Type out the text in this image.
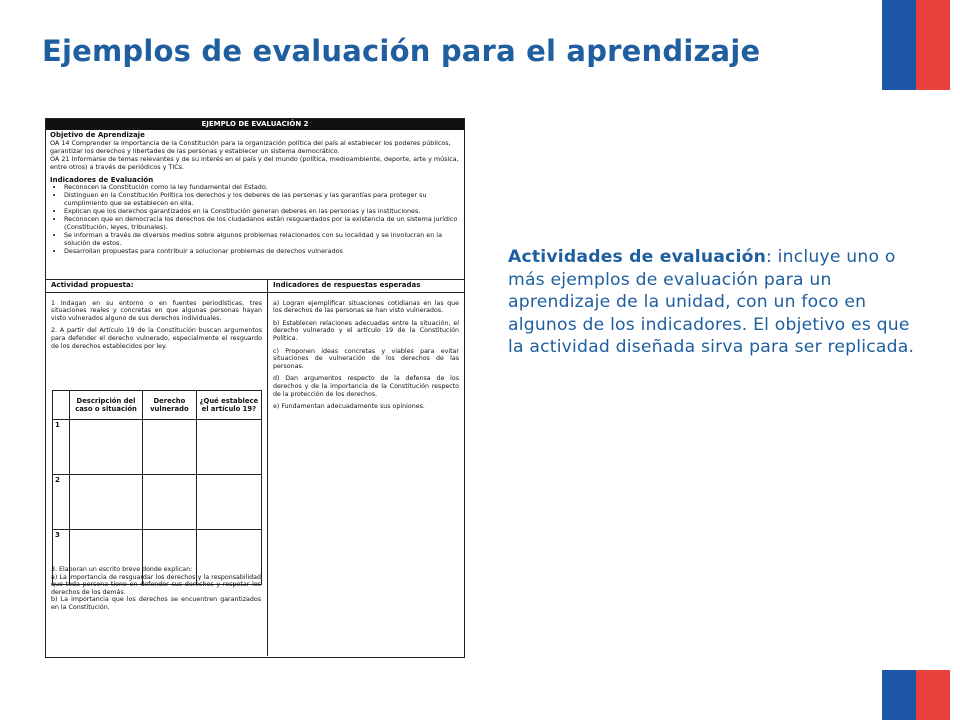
Ejemplos de evaluación para el aprendizaje
EJEMPLO DE EVALUACIÓN 2
Objetivo de Aprendizaje
OA 14 Comprender la importancia de la Constitución para la organización política del país al establecer los poderes públicos, garantizar los derechos y libertades de las personas y establecer un sistema democrático.
OA 21 Informarse de temas relevantes y de su interés en el país y del mundo (política, medioambiente, deporte, arte y música, entre otros) a través de periódicos y TICs.
Indicadores de Evaluación
• Reconocen la Constitución como la ley fundamental del Estado.
• Distinguen en la Constitución Política los derechos y los deberes de las personas y las garantías para proteger su cumplimiento que se establecen en ella.
• Explican que los derechos garantizados en la Constitución generan deberes en las personas y las instituciones.
• Reconocen que en democracia los derechos de los ciudadanos están resguardados por la existencia de un sistema jurídico (Constitución, leyes, tribunales).
• Se informan a través de diversos medios sobre algunos problemas relacionados con su localidad y se involucran en la solución de estos.
• Desarrollan propuestas para contribuir a solucionar problemas de derechos vulnerados
Actividad propuesta:

1 Indagan en su entorno o en fuentes periodísticas, tres situaciones reales y concretas en que algunas personas hayan visto vulnerados alguno de sus derechos individuales.

2. A partir del Artículo 19 de la Constitución buscan argumentos para defender el derecho vulnerado, especialmente el resguardo de los derechos establecidos por ley.

	Descripción del caso o situación	Derecho vulnerado	¿Qué establece el artículo 19?
1			
2			
3			

3. Elaboran un escrito breve donde explican:

a) La importancia de resguardar los derechos y la responsabilidad que toda persona tiene en defender sus derechos y respetar los derechos de los demás.

b) La importancia que los derechos se encuentren garantizados en la Constitución.

Indicadores de respuestas esperadas

a) Logran ejemplificar situaciones cotidianas en las que los derechos de las personas se han visto vulnerados.

b) Establecen relaciones adecuadas entre la situación, el derecho vulnerado y el artículo 19 de la Constitución Política.

c) Proponen ideas concretas y viables para evitar situaciones de vulneración de los derechos de las personas.

d) Dan argumentos respecto de la defensa de los derechos y de la importancia de la Constitución respecto de la protección de los derechos.

e) Fundamentan adecuadamente sus opiniones.

Actividades de evaluación: incluye uno o más ejemplos de evaluación para un aprendizaje de la unidad, con un foco en algunos de los indicadores. El objetivo es que la actividad diseñada sirva para ser replicada.
